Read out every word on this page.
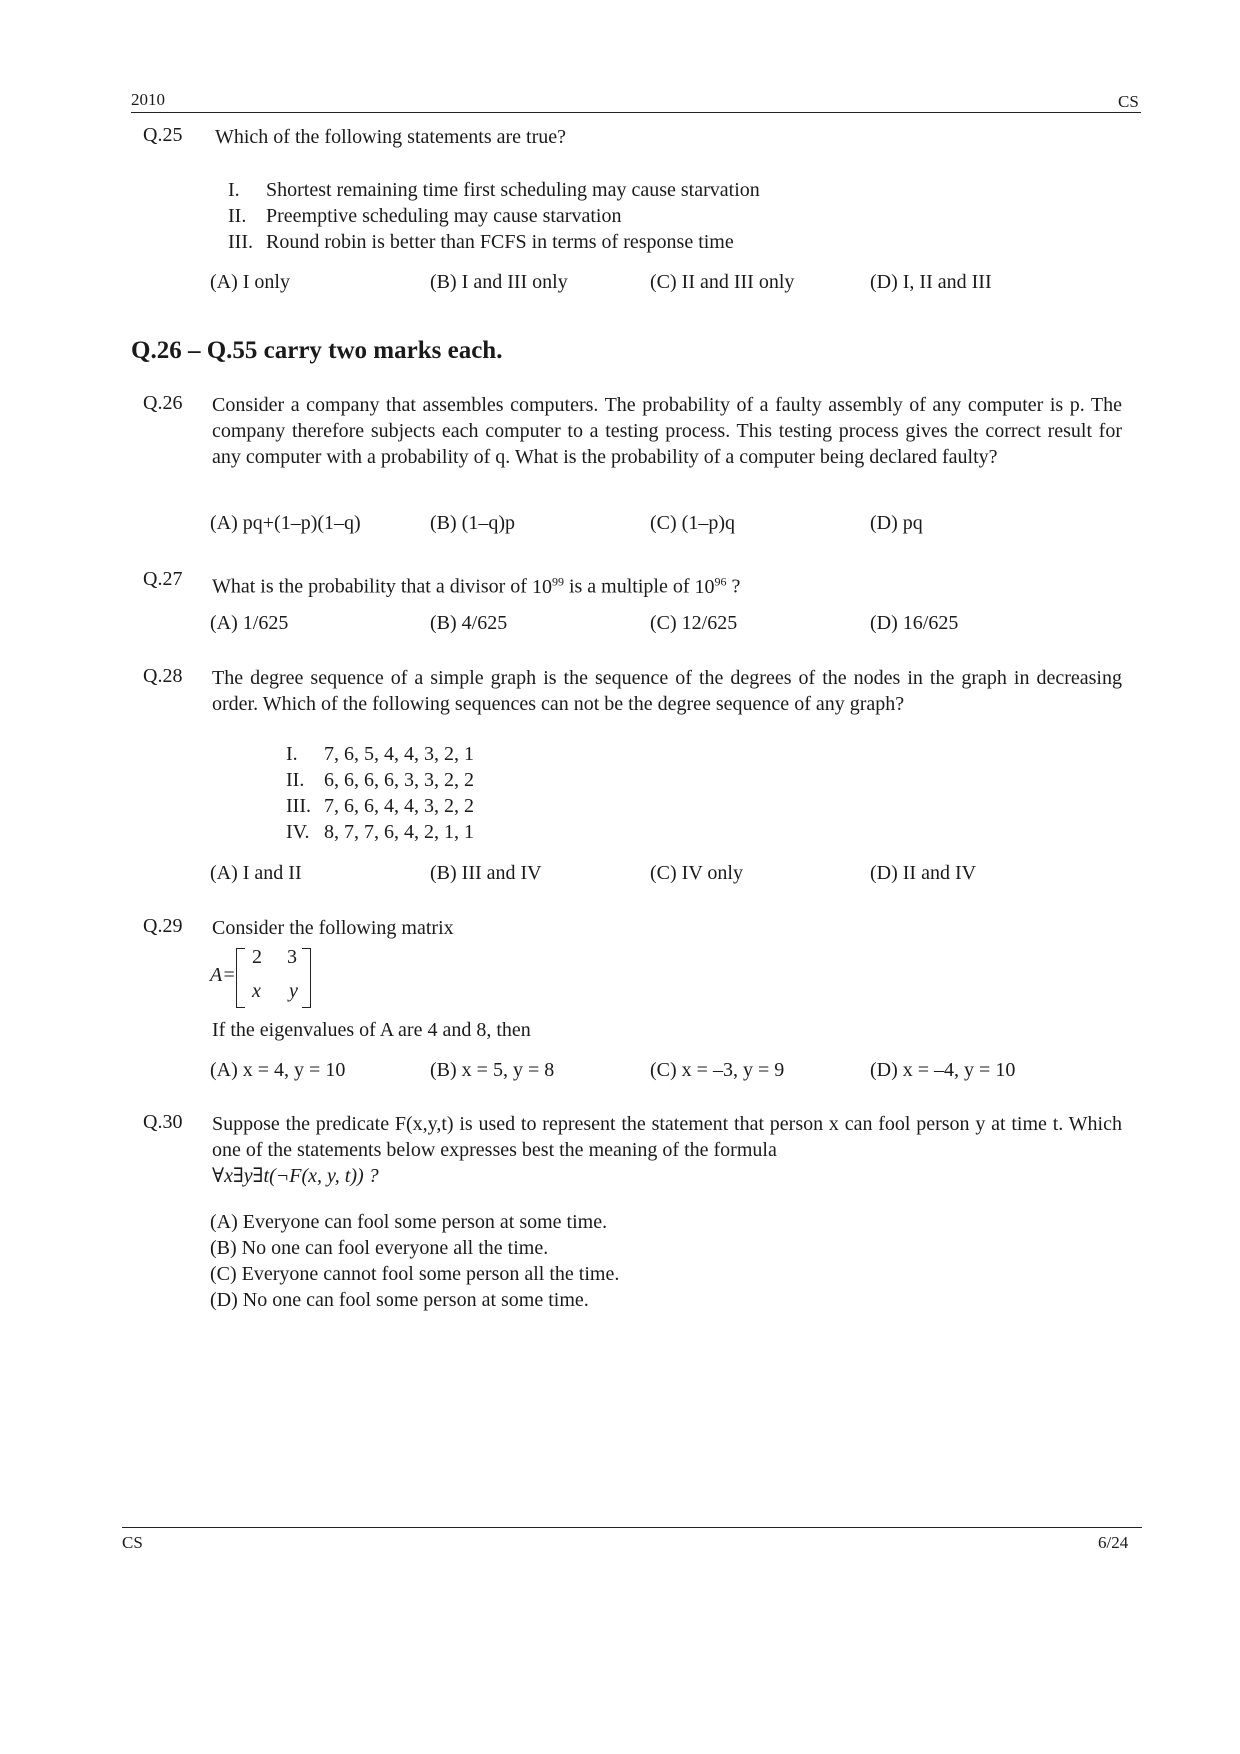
2010	CS
Q.25 Which of the following statements are true?
I. Shortest remaining time first scheduling may cause starvation
II. Preemptive scheduling may cause starvation
III. Round robin is better than FCFS in terms of response time
(A) I only	(B) I and III only	(C) II and III only	(D) I, II and III
Q.26 – Q.55 carry two marks each.
Q.26 Consider a company that assembles computers. The probability of a faulty assembly of any computer is p. The company therefore subjects each computer to a testing process. This testing process gives the correct result for any computer with a probability of q. What is the probability of a computer being declared faulty?
(A) pq+(1–p)(1–q)	(B) (1–q)p	(C) (1–p)q	(D) pq
Q.27 What is the probability that a divisor of $10^{99}$ is a multiple of $10^{96}$ ?
(A) 1/625	(B) 4/625	(C) 12/625	(D) 16/625
Q.28 The degree sequence of a simple graph is the sequence of the degrees of the nodes in the graph in decreasing order. Which of the following sequences can not be the degree sequence of any graph?
I. 7, 6, 5, 4, 4, 3, 2, 1
II. 6, 6, 6, 6, 3, 3, 2, 2
III. 7, 6, 6, 4, 4, 3, 2, 2
IV. 8, 7, 7, 6, 4, 2, 1, 1
(A) I and II	(B) III and IV	(C) IV only	(D) II and IV
Q.29 Consider the following matrix
A=
2 3
x y
If the eigenvalues of A are 4 and 8, then
(A) x = 4, y = 10	(B) x = 5, y = 8	(C) x = –3, y = 9	(D) x = –4, y = 10
Q.30 Suppose the predicate F(x,y,t) is used to represent the statement that person x can fool person y at time t. Which one of the statements below expresses best the meaning of the formula
∀x∃y∃t(¬F(x, y, t)) ?
(A) Everyone can fool some person at some time.
(B) No one can fool everyone all the time.
(C) Everyone cannot fool some person all the time.
(D) No one can fool some person at some time.
CS	6/24
